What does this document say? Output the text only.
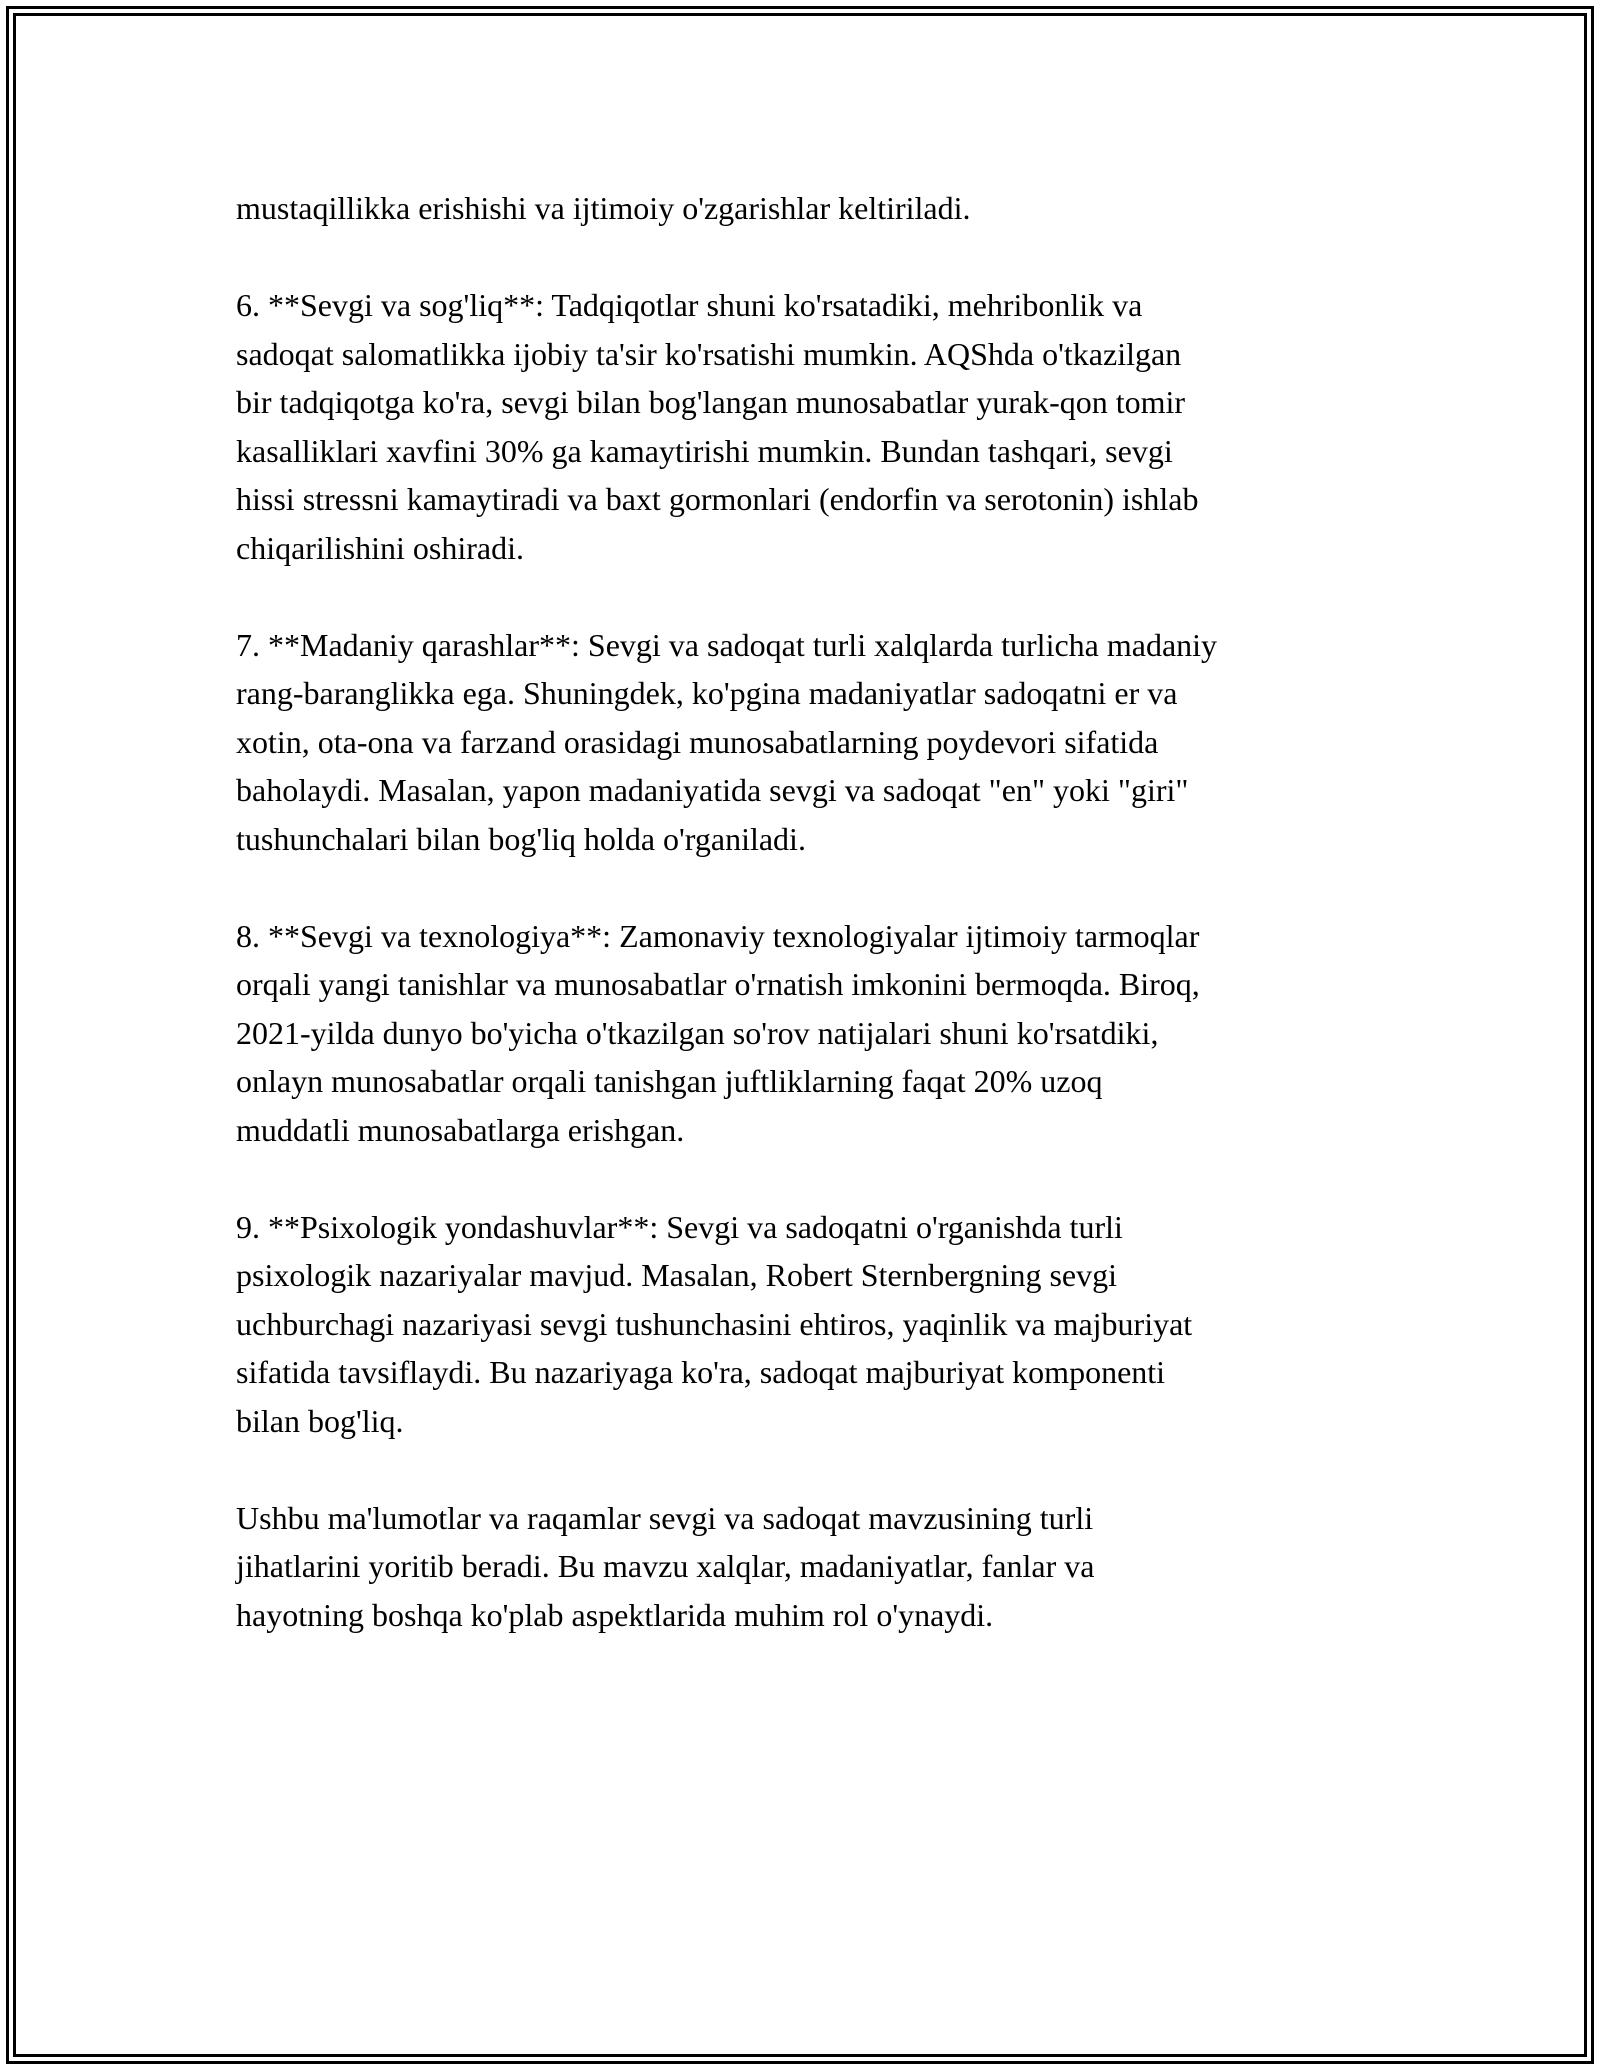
mustaqillikka erishishi va ijtimoiy o'zgarishlar keltiriladi.

6. **Sevgi va sog'liq**: Tadqiqotlar shuni ko'rsatadiki, mehribonlik va
sadoqat salomatlikka ijobiy ta'sir ko'rsatishi mumkin. AQShda o'tkazilgan
bir tadqiqotga ko'ra, sevgi bilan bog'langan munosabatlar yurak-qon tomir
kasalliklari xavfini 30% ga kamaytirishi mumkin. Bundan tashqari, sevgi
hissi stressni kamaytiradi va baxt gormonlari (endorfin va serotonin) ishlab
chiqarilishini oshiradi.

7. **Madaniy qarashlar**: Sevgi va sadoqat turli xalqlarda turlicha madaniy
rang-baranglikka ega. Shuningdek, ko'pgina madaniyatlar sadoqatni er va
xotin, ota-ona va farzand orasidagi munosabatlarning poydevori sifatida
baholaydi. Masalan, yapon madaniyatida sevgi va sadoqat "en" yoki "giri"
tushunchalari bilan bog'liq holda o'rganiladi.

8. **Sevgi va texnologiya**: Zamonaviy texnologiyalar ijtimoiy tarmoqlar
orqali yangi tanishlar va munosabatlar o'rnatish imkonini bermoqda. Biroq,
2021-yilda dunyo bo'yicha o'tkazilgan so'rov natijalari shuni ko'rsatdiki,
onlayn munosabatlar orqali tanishgan juftliklarning faqat 20% uzoq
muddatli munosabatlarga erishgan.

9. **Psixologik yondashuvlar**: Sevgi va sadoqatni o'rganishda turli
psixologik nazariyalar mavjud. Masalan, Robert Sternbergning sevgi
uchburchagi nazariyasi sevgi tushunchasini ehtiros, yaqinlik va majburiyat
sifatida tavsiflaydi. Bu nazariyaga ko'ra, sadoqat majburiyat komponenti
bilan bog'liq.

Ushbu ma'lumotlar va raqamlar sevgi va sadoqat mavzusining turli
jihatlarini yoritib beradi. Bu mavzu xalqlar, madaniyatlar, fanlar va
hayotning boshqa ko'plab aspektlarida muhim rol o'ynaydi.
